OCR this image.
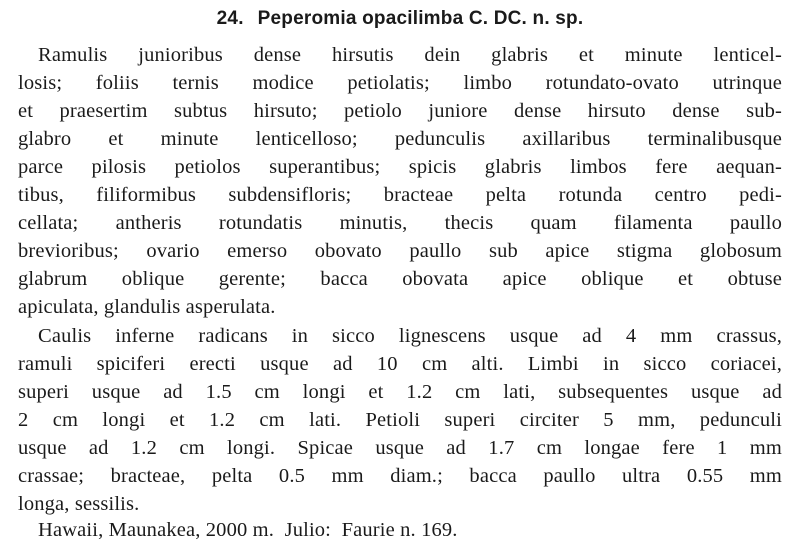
24. Peperomia opacilimba C. DC. n. sp.
Ramulis junioribus dense hirsutis dein glabris et minute lenticel-
losis; foliis ternis modice petiolatis; limbo rotundato-ovato utrinque
et praesertim subtus hirsuto; petiolo juniore dense hirsuto dense sub-
glabro et minute lenticelloso; pedunculis axillaribus terminalibusque
parce pilosis petiolos superantibus; spicis glabris limbos fere aequan-
tibus, filiformibus subdensifloris; bracteae pelta rotunda centro pedi-
cellata; antheris rotundatis minutis, thecis quam filamenta paullo
brevioribus; ovario emerso obovato paullo sub apice stigma globosum
glabrum oblique gerente; bacca obovata apice oblique et obtuse
apiculata, glandulis asperulata.
Caulis inferne radicans in sicco lignescens usque ad 4 mm crassus,
ramuli spiciferi erecti usque ad 10 cm alti. Limbi in sicco coriacei,
superi usque ad 1.5 cm longi et 1.2 cm lati, subsequentes usque ad
2 cm longi et 1.2 cm lati. Petioli superi circiter 5 mm, pedunculi
usque ad 1.2 cm longi. Spicae usque ad 1.7 cm longae fere 1 mm
crassae; bracteae, pelta 0.5 mm diam.; bacca paullo ultra 0.55 mm
longa, sessilis.
Hawaii, Maunakea, 2000 m.  Julio:  Faurie n. 169.
